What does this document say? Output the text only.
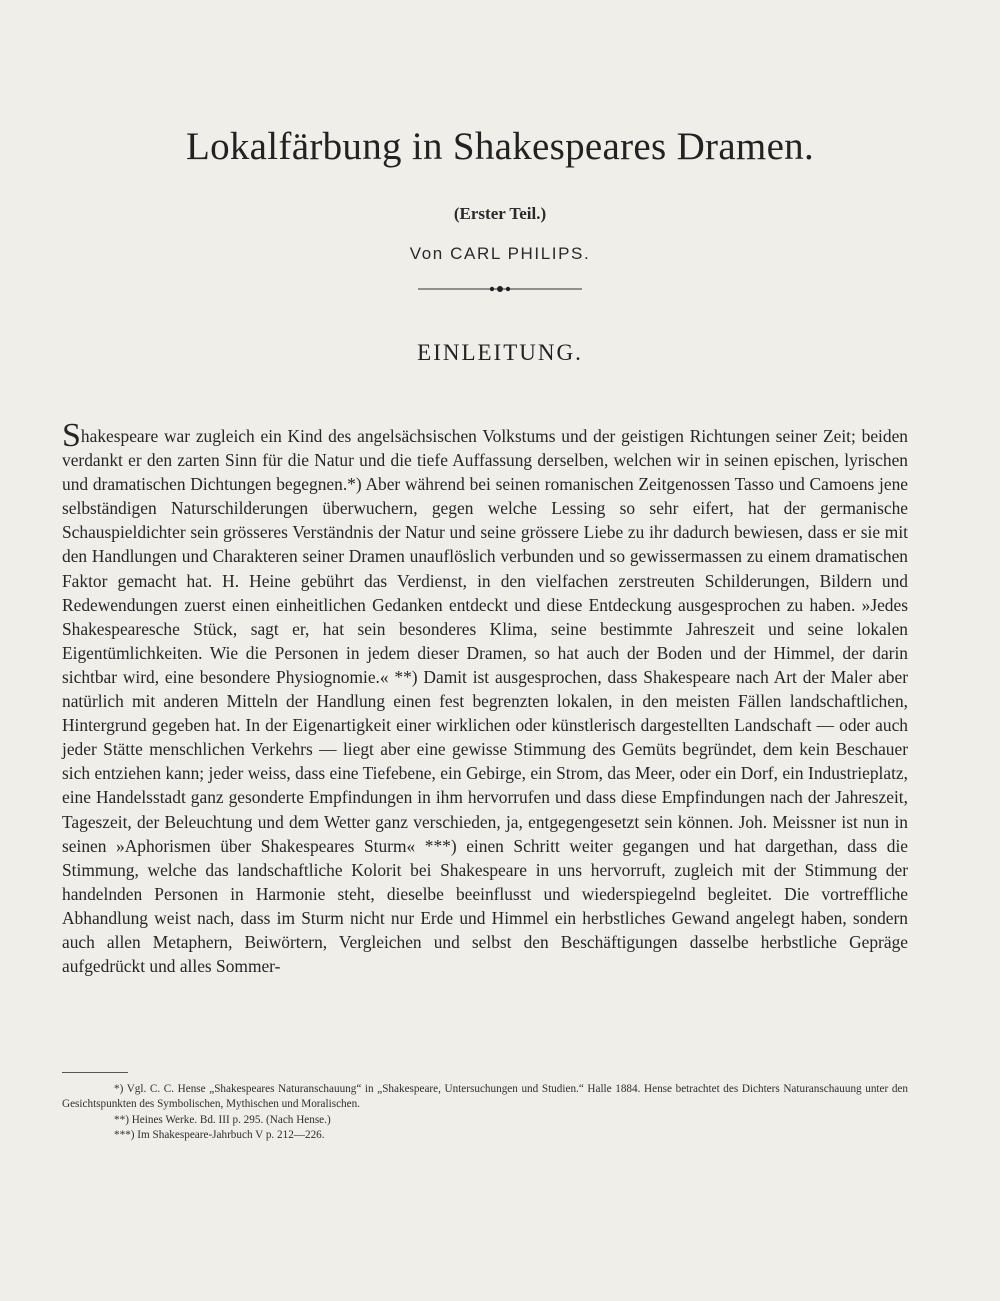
Lokalfärbung in Shakespeares Dramen.
(Erster Teil.)
Von CARL PHILIPS.
EINLEITUNG.

Shakespeare war zugleich ein Kind des angelsächsischen Volkstums und der geistigen Richtungen seiner Zeit; beiden verdankt er den zarten Sinn für die Natur und die tiefe Auffassung derselben, welchen wir in seinen epischen, lyrischen und dramatischen Dichtungen begegnen.*) Aber während bei seinen romanischen Zeitgenossen Tasso und Camoens jene selbständigen Naturschilderungen überwuchern, gegen welche Lessing so sehr eifert, hat der germanische Schauspieldichter sein grösseres Verständnis der Natur und seine grössere Liebe zu ihr dadurch bewiesen, dass er sie mit den Handlungen und Charakteren seiner Dramen unauflöslich verbunden und so gewissermassen zu einem dramatischen Faktor gemacht hat. H. Heine gebührt das Verdienst, in den vielfachen zerstreuten Schilderungen, Bildern und Redewendungen zuerst einen einheitlichen Gedanken entdeckt und diese Entdeckung ausgesprochen zu haben. »Jedes Shakespearesche Stück, sagt er, hat sein besonderes Klima, seine bestimmte Jahreszeit und seine lokalen Eigentümlichkeiten. Wie die Personen in jedem dieser Dramen, so hat auch der Boden und der Himmel, der darin sichtbar wird, eine besondere Physiognomie.« **) Damit ist ausgesprochen, dass Shakespeare nach Art der Maler aber natürlich mit anderen Mitteln der Handlung einen fest begrenzten lokalen, in den meisten Fällen landschaftlichen, Hintergrund gegeben hat. In der Eigenartigkeit einer wirklichen oder künstlerisch dargestellten Landschaft — oder auch jeder Stätte menschlichen Verkehrs — liegt aber eine gewisse Stimmung des Gemüts begründet, dem kein Beschauer sich entziehen kann; jeder weiss, dass eine Tiefebene, ein Gebirge, ein Strom, das Meer, oder ein Dorf, ein Industrieplatz, eine Handelsstadt ganz gesonderte Empfindungen in ihm hervorrufen und dass diese Empfindungen nach der Jahreszeit, Tageszeit, der Beleuchtung und dem Wetter ganz verschieden, ja, entgegengesetzt sein können. Joh. Meissner ist nun in seinen »Aphorismen über Shakespeares Sturm« ***) einen Schritt weiter gegangen und hat dargethan, dass die Stimmung, welche das landschaftliche Kolorit bei Shakespeare in uns hervorruft, zugleich mit der Stimmung der handelnden Personen in Harmonie steht, dieselbe beeinflusst und wiederspiegelnd begleitet. Die vortreffliche Abhandlung weist nach, dass im Sturm nicht nur Erde und Himmel ein herbstliches Gewand angelegt haben, sondern auch allen Metaphern, Beiwörtern, Vergleichen und selbst den Beschäftigungen dasselbe herbstliche Gepräge aufgedrückt und alles Sommer-

*) Vgl. C. C. Hense „Shakespeares Naturanschauung“ in „Shakespeare, Untersuchungen und Studien.“ Halle 1884. Hense betrachtet des Dichters Naturanschauung unter den Gesichtspunkten des Symbolischen, Mythischen und Moralischen.

**) Heines Werke. Bd. III p. 295. (Nach Hense.)

***) Im Shakespeare-Jahrbuch V p. 212—226.
